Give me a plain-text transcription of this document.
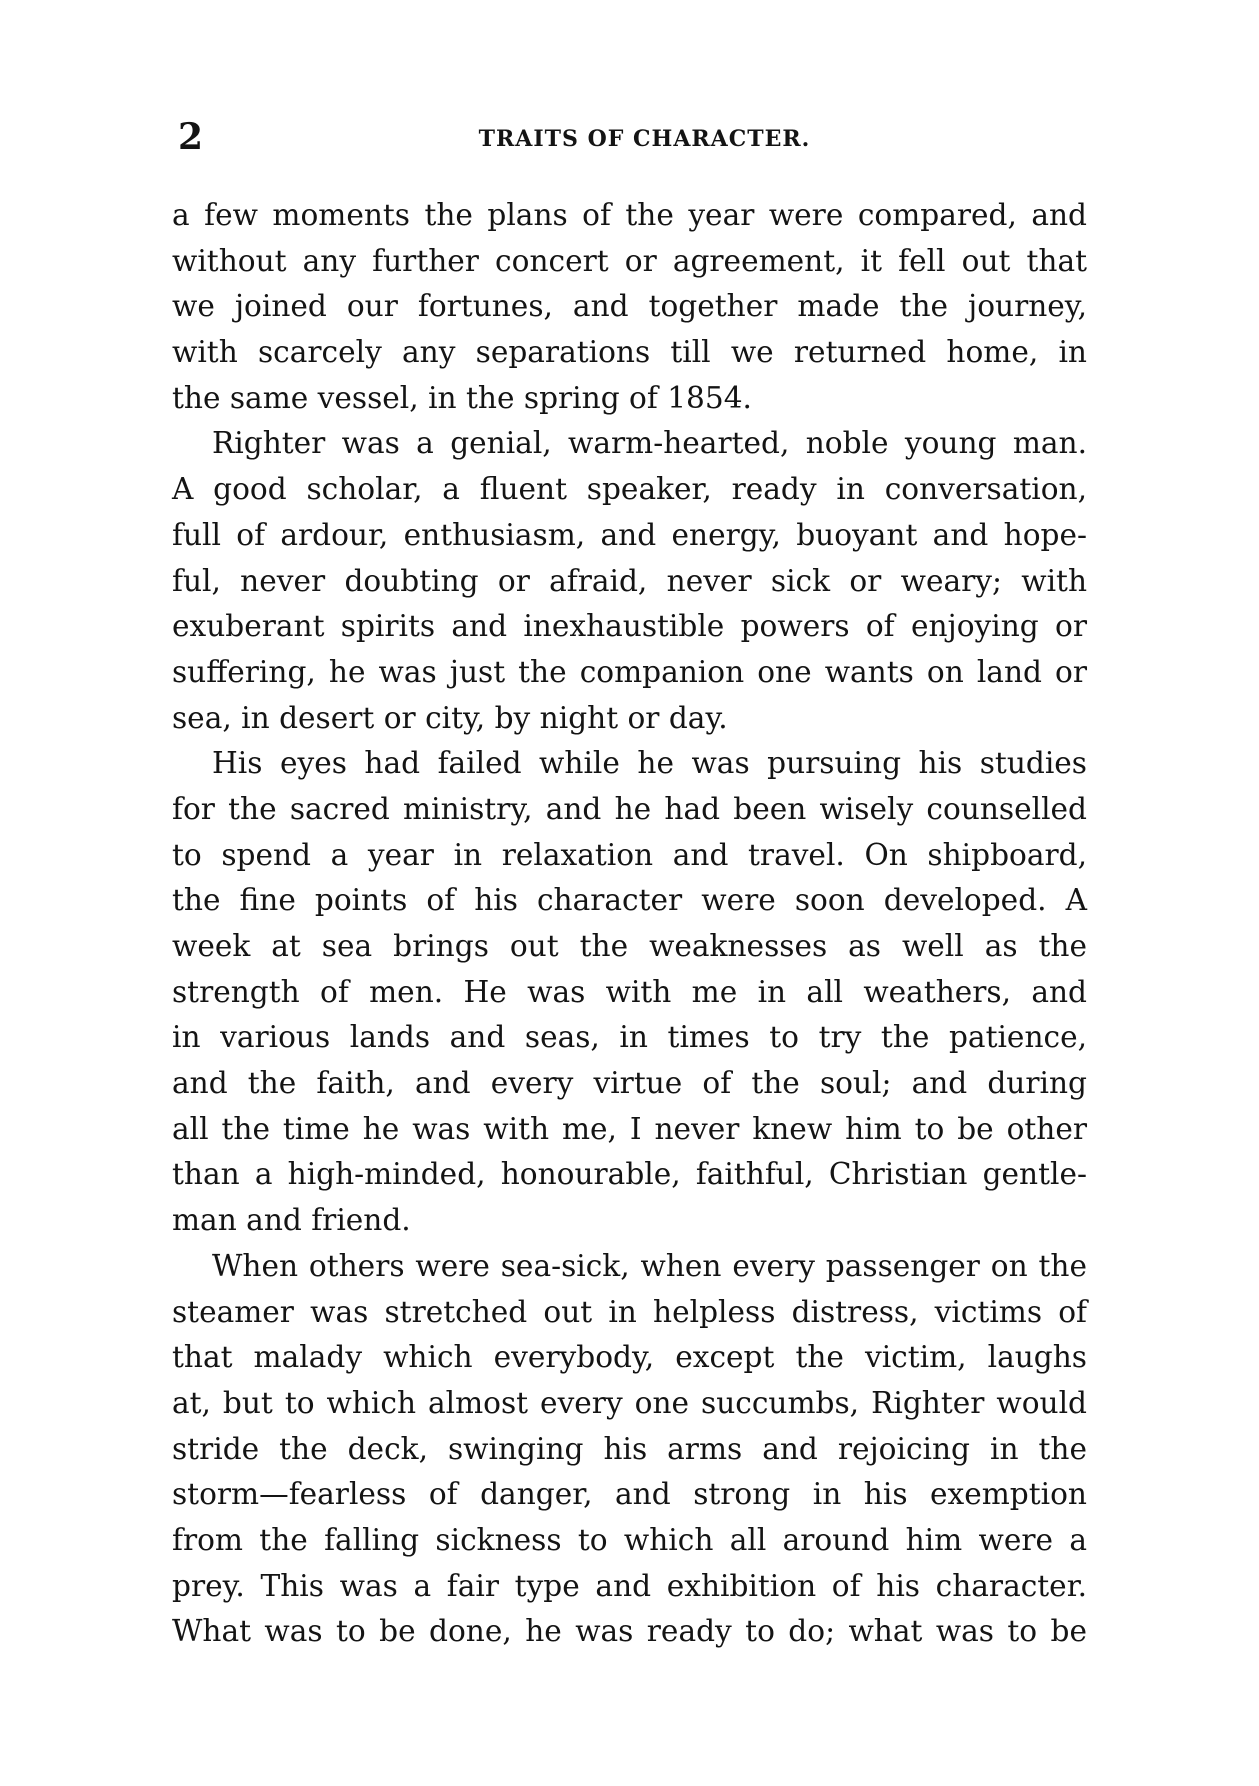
2	TRAITS OF CHARACTER.
a few moments the plans of the year were compared, and
without any further concert or agreement, it fell out that
we joined our fortunes, and together made the journey,
with scarcely any separations till we returned home, in
the same vessel, in the spring of 1854.
Righter was a genial, warm-hearted, noble young man.
A good scholar, a fluent speaker, ready in conversation,
full of ardour, enthusiasm, and energy, buoyant and hope-
ful, never doubting or afraid, never sick or weary; with
exuberant spirits and inexhaustible powers of enjoying or
suffering, he was just the companion one wants on land or
sea, in desert or city, by night or day.
His eyes had failed while he was pursuing his studies
for the sacred ministry, and he had been wisely counselled
to spend a year in relaxation and travel. On shipboard,
the fine points of his character were soon developed. A
week at sea brings out the weaknesses as well as the
strength of men. He was with me in all weathers, and
in various lands and seas, in times to try the patience,
and the faith, and every virtue of the soul; and during
all the time he was with me, I never knew him to be other
than a high-minded, honourable, faithful, Christian gentle-
man and friend.
When others were sea-sick, when every passenger on the
steamer was stretched out in helpless distress, victims of
that malady which everybody, except the victim, laughs
at, but to which almost every one succumbs, Righter would
stride the deck, swinging his arms and rejoicing in the
storm—fearless of danger, and strong in his exemption
from the falling sickness to which all around him were a
prey. This was a fair type and exhibition of his character.
What was to be done, he was ready to do; what was to be
